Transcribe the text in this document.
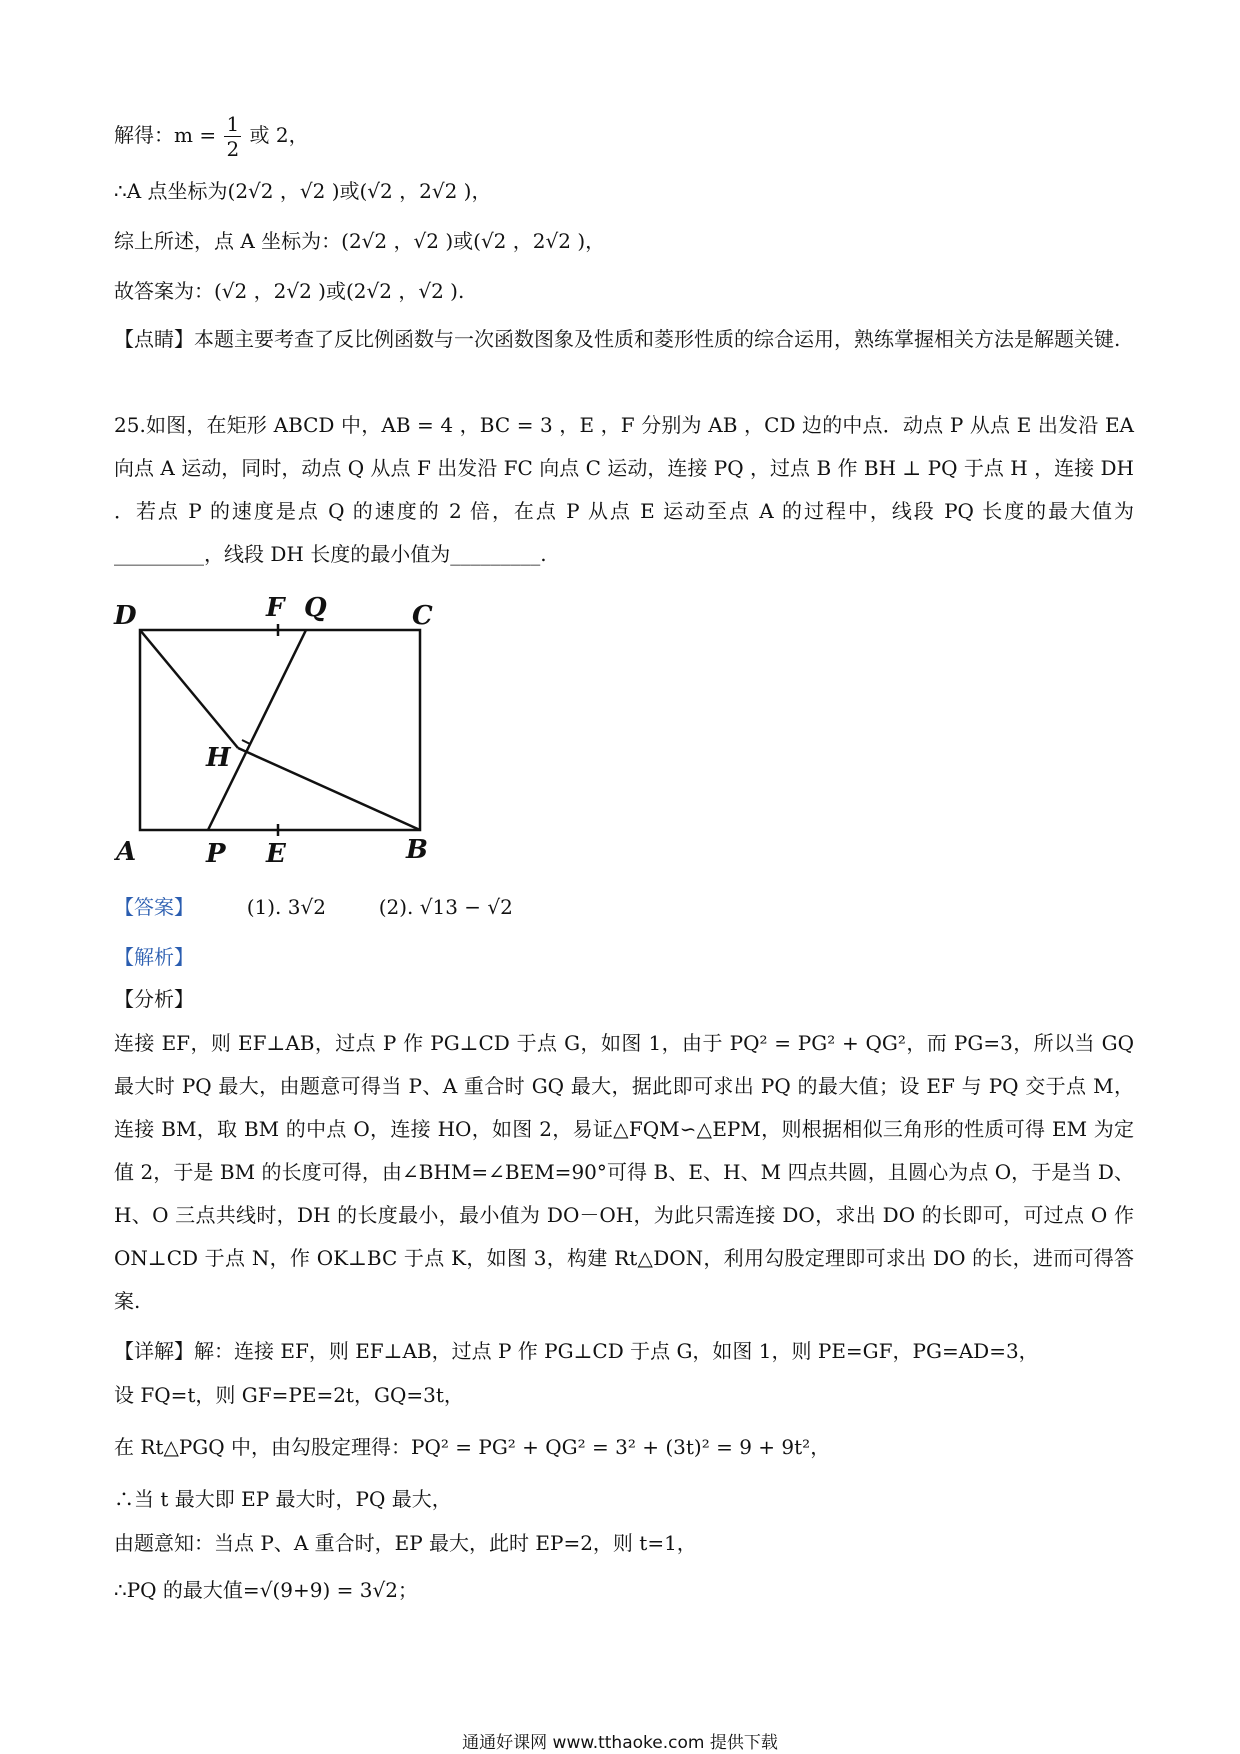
解得：$m = \frac{1}{2}$ 或 2，
∴A 点坐标为(2√2 ，√2 )或(√2 ，2√2 )，
综上所述，点 A 坐标为：(2√2 ，√2 )或(√2 ，2√2 )，
故答案为：(√2 ，2√2 )或(2√2 ，√2 ).
【点睛】本题主要考查了反比例函数与一次函数图象及性质和菱形性质的综合运用，熟练掌握相关方法是解题关键.
25.如图，在矩形 ABCD 中，AB = 4 ，BC = 3 ，E ，F 分别为 AB ，CD 边的中点．动点 P 从点 E 出发沿 EA 向点 A 运动，同时，动点 Q 从点 F 出发沿 FC 向点 C 运动，连接 PQ ，过点 B 作 BH ⊥ PQ 于点 H ，连接 DH ．若点 P 的速度是点 Q 的速度的 2 倍，在点 P 从点 E 运动至点 A 的过程中，线段 PQ 长度的最大值为_________，线段 DH 长度的最小值为_________.
D	F Q	C
H
A	P E	B
【答案】	(1). 3√2	(2). √13 − √2
【解析】
【分析】
连接 EF，则 EF⊥AB，过点 P 作 PG⊥CD 于点 G，如图 1，由于 PQ² = PG² + QG²，而 PG=3，所以当 GQ 最大时 PQ 最大，由题意可得当 P、A 重合时 GQ 最大，据此即可求出 PQ 的最大值；设 EF 与 PQ 交于点 M，连接 BM，取 BM 的中点 O，连接 HO，如图 2，易证△FQM∽△EPM，则根据相似三角形的性质可得 EM 为定值 2，于是 BM 的长度可得，由∠BHM=∠BEM=90°可得 B、E、H、M 四点共圆，且圆心为点 O，于是当 D、H、O 三点共线时，DH 的长度最小，最小值为 DO－OH，为此只需连接 DO，求出 DO 的长即可，可过点 O 作 ON⊥CD 于点 N，作 OK⊥BC 于点 K，如图 3，构建 Rt△DON，利用勾股定理即可求出 DO 的长，进而可得答案.
【详解】解：连接 EF，则 EF⊥AB，过点 P 作 PG⊥CD 于点 G，如图 1，则 PE=GF，PG=AD=3，
设 FQ=t，则 GF=PE=2t，GQ=3t，
在 Rt△PGQ 中，由勾股定理得：PQ² = PG² + QG² = 3² + (3t)² = 9 + 9t²，
∴当 t 最大即 EP 最大时，PQ 最大，
由题意知：当点 P、A 重合时，EP 最大，此时 EP=2，则 t=1，
∴PQ 的最大值=√(9+9) = 3√2；
通通好课网 www.tthaoke.com 提供下载
